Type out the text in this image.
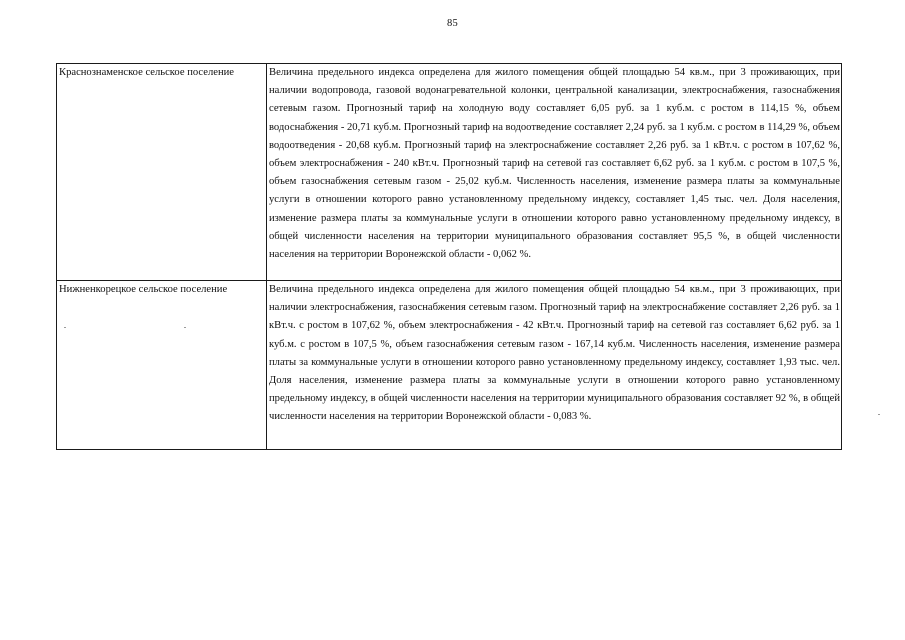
85
Краснознаменское сельское поселение	Величина предельного индекса определена для жилого помещения общей площадью 54 кв.м., при 3 проживающих, при наличии водопровода, газовой водонагревательной колонки, центральной канализации, электроснабжения, газоснабжения сетевым газом. Прогнозный тариф на холодную воду составляет 6,05 руб. за 1 куб.м. с ростом в 114,15 %, объем водоснабжения - 20,71 куб.м. Прогнозный тариф на водоотведение составляет 2,24 руб. за 1 куб.м. с ростом в 114,29 %, объем водоотведения - 20,68 куб.м. Прогнозный тариф на электроснабжение составляет 2,26 руб. за 1 кВт.ч. с ростом в 107,62 %, объем электроснабжения - 240 кВт.ч. Прогнозный тариф на сетевой газ составляет 6,62 руб. за 1 куб.м. с ростом в 107,5 %, объем газоснабжения сетевым газом - 25,02 куб.м. Численность населения, изменение размера платы за коммунальные услуги в отношении которого равно установленному предельному индексу, составляет 1,45 тыс. чел. Доля населения, изменение размера платы за коммунальные услуги в отношении которого равно установленному предельному индексу, в общей численности населения на территории муниципального образования составляет 95,5 %, в общей численности населения на территории Воронежской области - 0,062 %.
Нижненкорецкое сельское поселение	Величина предельного индекса определена для жилого помещения общей площадью 54 кв.м., при 3 проживающих, при наличии электроснабжения, газоснабжения сетевым газом. Прогнозный тариф на электроснабжение составляет 2,26 руб. за 1 кВт.ч. с ростом в 107,62 %, объем электроснабжения - 42 кВт.ч. Прогнозный тариф на сетевой газ составляет 6,62 руб. за 1 куб.м. с ростом в 107,5 %, объем газоснабжения сетевым газом - 167,14 куб.м. Численность населения, изменение размера платы за коммунальные услуги в отношении которого равно установленному предельному индексу, составляет 1,93 тыс. чел. Доля населения, изменение размера платы за коммунальные услуги в отношении которого равно установленному предельному индексу, в общей численности населения на территории муниципального образования составляет 92 %, в общей численности населения на территории Воронежской области - 0,083 %.
